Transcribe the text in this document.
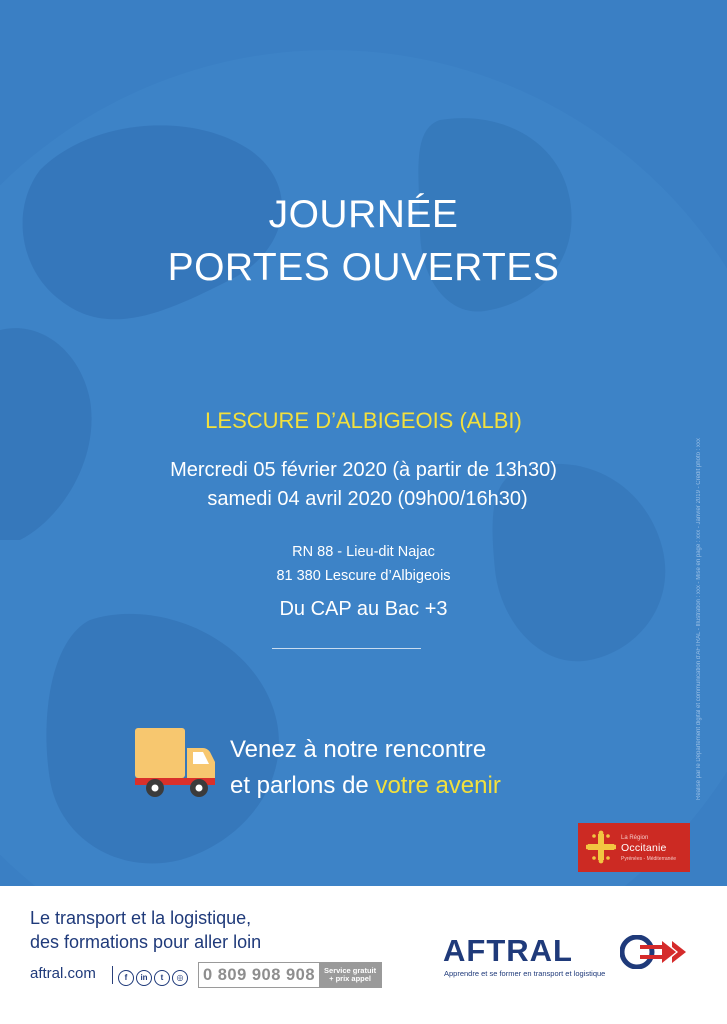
JOURNÉE
PORTES OUVERTES
LESCURE D’ALBIGEOIS (ALBI)
Mercredi 05 février 2020 (à partir de 13h30)
samedi 04 avril 2020 (09h00/16h30)
RN 88 - Lieu-dit Najac
81 380 Lescure d’Albigeois
Du CAP au Bac +3
Venez à notre rencontre
et parlons de votre avenir	Réalisé par le Département digital et communication d’AFTRAL - Illustration : xxx - Mise en page : xxx - Janvier 2019 - Crédit photo : xxx
La Région
Occitanie
Pyrénées - Méditerranée
Le transport et la logistique,
des formations pour aller loin
aftral.com	f in t ◎	0 809 908 908	Service gratuit
+ prix appel
AFTRAL
Apprendre et se former en transport et logistique
